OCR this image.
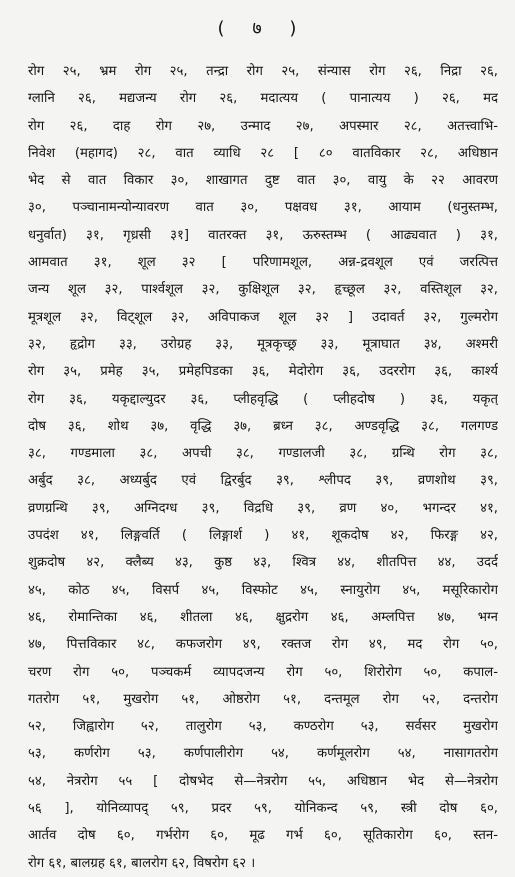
( ७ )
रोग २५, भ्रम रोग २५, तन्द्रा रोग २५, संन्यास रोग २६, निद्रा २६,
ग्लानि २६, मद्यजन्य रोग २६, मदात्यय ( पानात्यय ) २६, मद
रोग २६, दाह रोग २७, उन्माद २७, अपस्मार २८, अतत्त्वाभि-
निवेश (महागद) २८, वात व्याधि २८ [ ८० वातविकार २८, अधिष्ठान
भेद से वात विकार ३०, शाखागत दुष्ट वात ३०, वायु के २२ आवरण
३०, पञ्चानामन्योन्यावरण वात ३०, पक्षवध ३१, आयाम (धनुस्तम्भ,
धनुर्वात) ३१, गृध्रसी ३१] वातरक्त ३१, ऊरुस्तम्भ ( आढ्यवात ) ३१,
आमवात ३१, शूल ३२ [ परिणामशूल, अन्न-द्रवशूल एवं जरत्पित्त
जन्य शूल ३२, पार्श्वशूल ३२, कुक्षिशूल ३२, हृच्छूल ३२, वस्तिशूल ३२,
मूत्रशूल ३२, विट्शूल ३२, अविपाकज शूल ३२ ] उदावर्त ३२, गुल्मरोग
३२, हृद्रोग ३३, उरोग्रह ३३, मूत्रकृच्छ्र ३३, मूत्राघात ३४, अश्मरी
रोग ३५, प्रमेह ३५, प्रमेहपिडका ३६, मेदोरोग ३६, उदररोग ३६, कार्श्य
रोग ३६, यकृद्दाल्युदर ३६, प्लीहवृद्धि ( प्लीहदोष ) ३६, यकृत्
दोष ३६, शोथ ३७, वृद्धि ३७, ब्रध्न ३८, अण्डवृद्धि ३८, गलगण्ड
३८, गण्डमाला ३८, अपची ३८, गण्डालजी ३८, ग्रन्थि रोग ३८,
अर्बुद ३८, अध्यर्बुद एवं द्विरर्बुद ३९, श्लीपद ३९, व्रणशोथ ३९,
व्रणग्रन्थि ३९, अग्निदग्ध ३९, विद्रधि ३९, व्रण ४०, भगन्दर ४१,
उपदंश ४१, लिङ्गवर्ति ( लिङ्गार्श ) ४१, शूकदोष ४२, फिरङ्ग ४२,
शुक्रदोष ४२, क्लैब्य ४३, कुष्ठ ४३, श्वित्र ४४, शीतपित्त ४४, उदर्द
४५, कोठ ४५, विसर्प ४५, विस्फोट ४५, स्नायुरोग ४५, मसूरिकारोग
४६, रोमान्तिका ४६, शीतला ४६, क्षुद्ररोग ४६, अम्लपित्त ४७, भग्न
४७, पित्तविकार ४८, कफजरोग ४९, रक्तज रोग ४९, मद रोग ५०,
चरण रोग ५०, पञ्चकर्म व्यापदजन्य रोग ५०, शिरोरोग ५०, कपाल-
गतरोग ५१, मुखरोग ५१, ओष्ठरोग ५१, दन्तमूल रोग ५२, दन्तरोग
५२, जिह्वारोग ५२, तालुरोग ५३, कण्ठरोग ५३, सर्वसर मुखरोग
५३, कर्णरोग ५३, कर्णपालीरोग ५४, कर्णमूलरोग ५४, नासागतरोग
५४, नेत्ररोग ५५ [ दोषभेद से—नेत्ररोग ५५, अधिष्ठान भेद से—नेत्ररोग
५६ ], योनिव्यापद् ५९, प्रदर ५९, योनिकन्द ५९, स्त्री दोष ६०,
आर्तव दोष ६०, गर्भरोग ६०, मूढ गर्भ ६०, सूतिकारोग ६०, स्तन-
रोग ६१, बालग्रह ६१, बालरोग ६२, विषरोग ६२ ।
